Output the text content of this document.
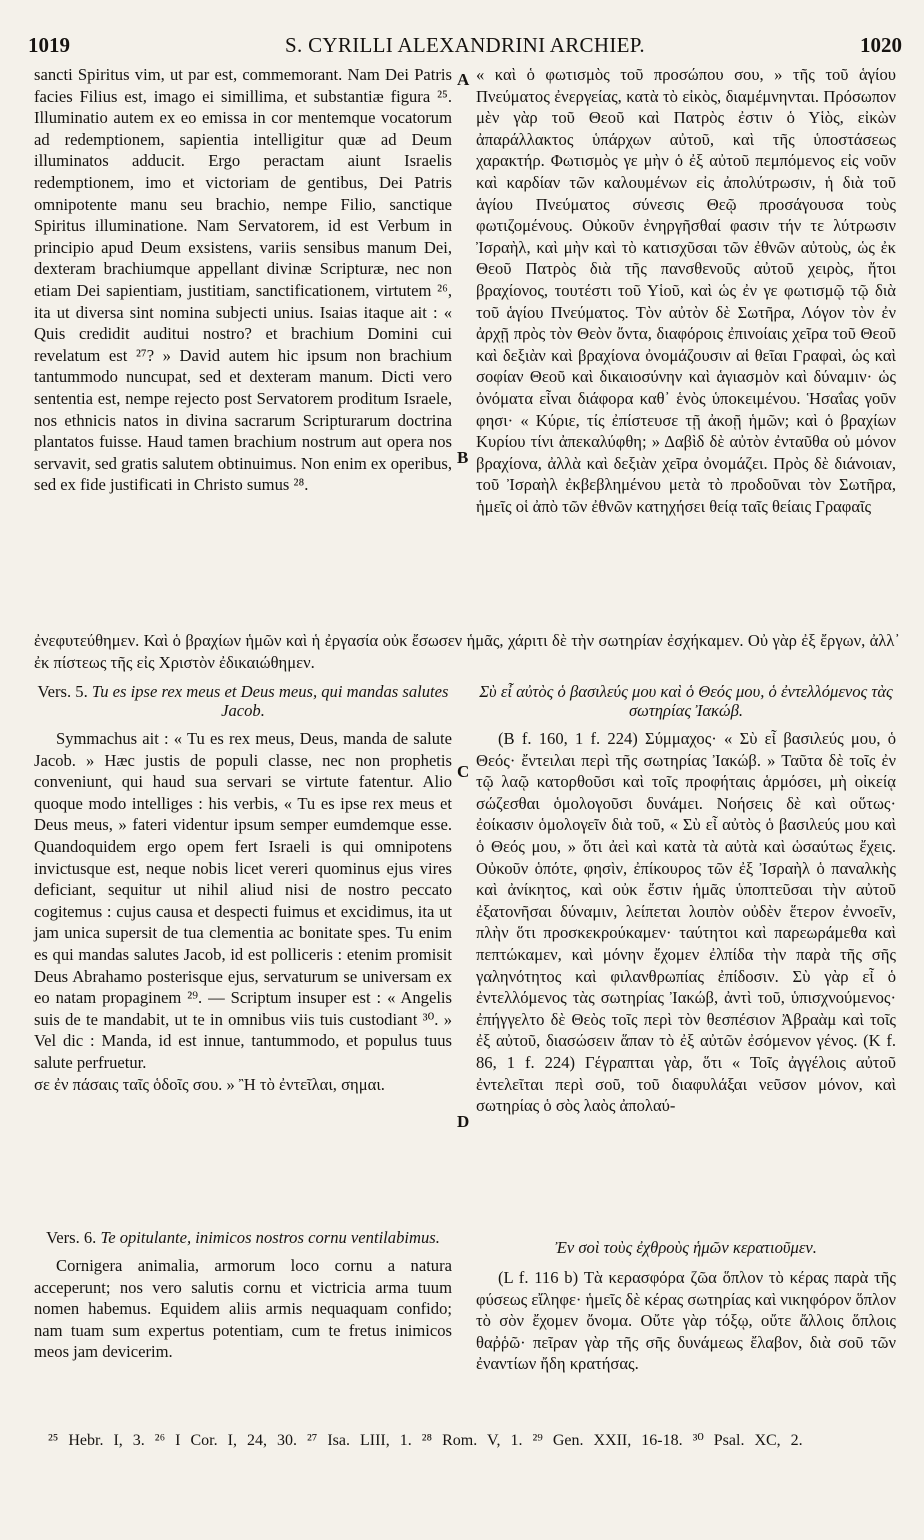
1019	S. CYRILLI ALEXANDRINI ARCHIEP.	1020
A
B
C
D

sancti Spiritus vim, ut par est, commemorant. Nam Dei Patris facies Filius est, imago ei simillima, et substantiæ figura ²⁵. Illuminatio autem ex eo emissa in cor mentemque vocatorum ad redemptionem, sapientia intelligitur quæ ad Deum illuminatos adducit. Ergo peractam aiunt Israelis redemptionem, imo et victoriam de gentibus, Dei Patris omnipotente manu seu brachio, nempe Filio, sanctique Spiritus illuminatione. Nam Servatorem, id est Verbum in principio apud Deum exsistens, variis sensibus manum Dei, dexteram brachiumque appellant divinæ Scripturæ, nec non etiam Dei sapientiam, justitiam, sanctificationem, virtutem ²⁶, ita ut diversa sint nomina subjecti unius. Isaias itaque ait : « Quis credidit auditui nostro? et brachium Domini cui revelatum est ²⁷? » David autem hic ipsum non brachium tantummodo nuncupat, sed et dexteram manum. Dicti vero sententia est, nempe rejecto post Servatorem proditum Israele, nos ethnicis natos in divina sacrarum Scripturarum doctrina plantatos fuisse. Haud tamen brachium nostrum aut opera nos servavit, sed gratis salutem obtinuimus. Non enim ex operibus, sed ex fide justificati in Christo sumus ²⁸.

« καὶ ὁ φωτισμὸς τοῦ προσώπου σου, » τῆς τοῦ ἁγίου Πνεύματος ἐνεργείας, κατὰ τὸ εἰκὸς, διαμέμνηνται. Πρόσωπον μὲν γὰρ τοῦ Θεοῦ καὶ Πατρὸς ἐστιν ὁ Υἱὸς, εἰκὼν ἀπαράλλακτος ὑπάρχων αὐτοῦ, καὶ τῆς ὑποστάσεως χαρακτήρ. Φωτισμὸς γε μὴν ὁ ἐξ αὐτοῦ πεμπόμενος εἰς νοῦν καὶ καρδίαν τῶν καλουμένων εἰς ἀπολύτρωσιν, ἡ διὰ τοῦ ἁγίου Πνεύματος σύνεσις Θεῷ προσάγουσα τοὺς φωτιζομένους. Οὐκοῦν ἐνηργῆσθαί φασιν τήν τε λύτρωσιν Ἰσραὴλ, καὶ μὴν καὶ τὸ κατισχῦσαι τῶν ἐθνῶν αὐτοὺς, ὡς ἐκ Θεοῦ Πατρὸς διὰ τῆς πανσθενοῦς αὐτοῦ χειρὸς, ἤτοι βραχίονος, τουτέστι τοῦ Υἱοῦ, καὶ ὡς ἐν γε φωτισμῷ τῷ διὰ τοῦ ἁγίου Πνεύματος. Τὸν αὐτὸν δὲ Σωτῆρα, Λόγον τὸν ἐν ἀρχῇ πρὸς τὸν Θεὸν ὄντα, διαφόροις ἐπινοίαις χεῖρα τοῦ Θεοῦ καὶ δεξιὰν καὶ βραχίονα ὀνομάζουσιν αἱ θεῖαι Γραφαὶ, ὡς καὶ σοφίαν Θεοῦ καὶ δικαιοσύνην καὶ ἁγιασμὸν καὶ δύναμιν· ὡς ὀνόματα εἶναι διάφορα καθ᾽ ἑνὸς ὑποκειμένου. Ἡσαΐας γοῦν φησι· « Κύριε, τίς ἐπίστευσε τῇ ἀκοῇ ἡμῶν; καὶ ὁ βραχίων Κυρίου τίνι ἀπεκαλύφθη; » Δαβὶδ δὲ αὐτὸν ἐνταῦθα οὐ μόνον βραχίονα, ἀλλὰ καὶ δεξιὰν χεῖρα ὀνομάζει. Πρὸς δὲ διάνοιαν, τοῦ Ἰσραὴλ ἐκβεβλημένου μετὰ τὸ προδοῦναι τὸν Σωτῆρα, ἡμεῖς οἱ ἀπὸ τῶν ἐθνῶν κατηχήσει θείᾳ ταῖς θείαις Γραφαῖς

ἐνεφυτεύθημεν. Καὶ ὁ βραχίων ἡμῶν καὶ ἡ ἐργασία οὐκ ἔσωσεν ἡμᾶς, χάριτι δὲ τὴν σωτηρίαν ἐσχήκαμεν. Οὐ γὰρ ἐξ ἔργων, ἀλλ᾽ ἐκ πίστεως τῆς εἰς Χριστὸν ἐδικαιώθημεν.

Vers. 5. Tu es ipse rex meus et Deus meus, qui mandas salutes Jacob.

Symmachus ait : « Tu es rex meus, Deus, manda de salute Jacob. » Hæc justis de populi classe, nec non prophetis conveniunt, qui haud sua servari se virtute fatentur. Alio quoque modo intelliges : his verbis, « Tu es ipse rex meus et Deus meus, » fateri videntur ipsum semper eumdemque esse. Quandoquidem ergo opem fert Israeli is qui omnipotens invictusque est, neque nobis licet vereri quominus ejus vires deficiant, sequitur ut nihil aliud nisi de nostro peccato cogitemus : cujus causa et despecti fuimus et excidimus, ita ut jam unica supersit de tua clementia ac bonitate spes. Tu enim es qui mandas salutes Jacob, id est polliceris : etenim promisit Deus Abrahamo posterisque ejus, servaturum se universam ex eo natam propaginem ²⁹. — Scriptum insuper est : « Angelis suis de te mandabit, ut te in omnibus viis tuis custodiant ³⁰. » Vel dic : Manda, id est innue, tantummodo, et populus tuus salute perfruetur.

σε ἐν πάσαις ταῖς ὁδοῖς σου. » Ἢ τὸ ἐντεῖλαι, σημαι.

Σὺ εἶ αὐτὸς ὁ βασιλεύς μου καὶ ὁ Θεός μου, ὁ ἐντελλόμενος τὰς σωτηρίας Ἰακώβ.

(B f. 160, 1 f. 224) Σύμμαχος· « Σὺ εἶ βασιλεύς μου, ὁ Θεός· ἔντειλαι περὶ τῆς σωτηρίας Ἰακώβ. » Ταῦτα δὲ τοῖς ἐν τῷ λαῷ κατορθοῦσι καὶ τοῖς προφήταις ἁρμόσει, μὴ οἰκείᾳ σώζεσθαι ὁμολογοῦσι δυνάμει. Νοήσεις δὲ καὶ οὕτως· ἐοίκασιν ὁμολογεῖν διὰ τοῦ, « Σὺ εἶ αὐτὸς ὁ βασιλεύς μου καὶ ὁ Θεός μου, » ὅτι ἀεὶ καὶ κατὰ τὰ αὐτὰ καὶ ὡσαύτως ἔχεις. Οὐκοῦν ὁπότε, φησὶν, ἐπίκουρος τῶν ἐξ Ἰσραὴλ ὁ παναλκὴς καὶ ἀνίκητος, καὶ οὐκ ἔστιν ἡμᾶς ὑποπτεῦσαι τὴν αὐτοῦ ἐξατονῆσαι δύναμιν, λείπεται λοιπὸν οὐδὲν ἕτερον ἐννοεῖν, πλὴν ὅτι προσκεκρούκαμεν· ταύτητοι καὶ παρεωράμεθα καὶ πεπτώκαμεν, καὶ μόνην ἔχομεν ἐλπίδα τὴν παρὰ τῆς σῆς γαληνότητος καὶ φιλανθρωπίας ἐπίδοσιν. Σὺ γὰρ εἶ ὁ ἐντελλόμενος τὰς σωτηρίας Ἰακώβ, ἀντὶ τοῦ, ὑπισχνούμενος· ἐπήγγελτο δὲ Θεὸς τοῖς περὶ τὸν θεσπέσιον Ἀβραὰμ καὶ τοῖς ἐξ αὐτοῦ, διασώσειν ἅπαν τὸ ἐξ αὐτῶν ἐσόμενον γένος. (K f. 86, 1 f. 224) Γέγραπται γὰρ, ὅτι « Τοῖς ἀγγέλοις αὐτοῦ ἐντελεῖται περὶ σοῦ, τοῦ διαφυλάξαι νεῦσον μόνον, καὶ σωτηρίας ὁ σὸς λαὸς ἀπολαύ-

Vers. 6. Te opitulante, inimicos nostros cornu ventilabimus.

Cornigera animalia, armorum loco cornu a natura acceperunt; nos vero salutis cornu et victricia arma tuum nomen habemus. Equidem aliis armis nequaquam confido; nam tuam sum expertus potentiam, cum te fretus inimicos meos jam devicerim.

Ἐν σοὶ τοὺς ἐχθροὺς ἡμῶν κερατιοῦμεν.

(L f. 116 b) Τὰ κερασφόρα ζῶα ὅπλον τὸ κέρας παρὰ τῆς φύσεως εἴληφε· ἡμεῖς δὲ κέρας σωτηρίας καὶ νικηφόρον ὅπλον τὸ σὸν ἔχομεν ὄνομα. Οὔτε γὰρ τόξῳ, οὔτε ἄλλοις ὅπλοις θαῤῥῶ· πεῖραν γὰρ τῆς σῆς δυνάμεως ἔλαβον, διὰ σοῦ τῶν ἐναντίων ἤδη κρατήσας.

²⁵ Hebr. I, 3. ²⁶ I Cor. I, 24, 30. ²⁷ Isa. LIII, 1. ²⁸ Rom. V, 1. ²⁹ Gen. XXII, 16-18. ³⁰ Psal. XC, 2.
